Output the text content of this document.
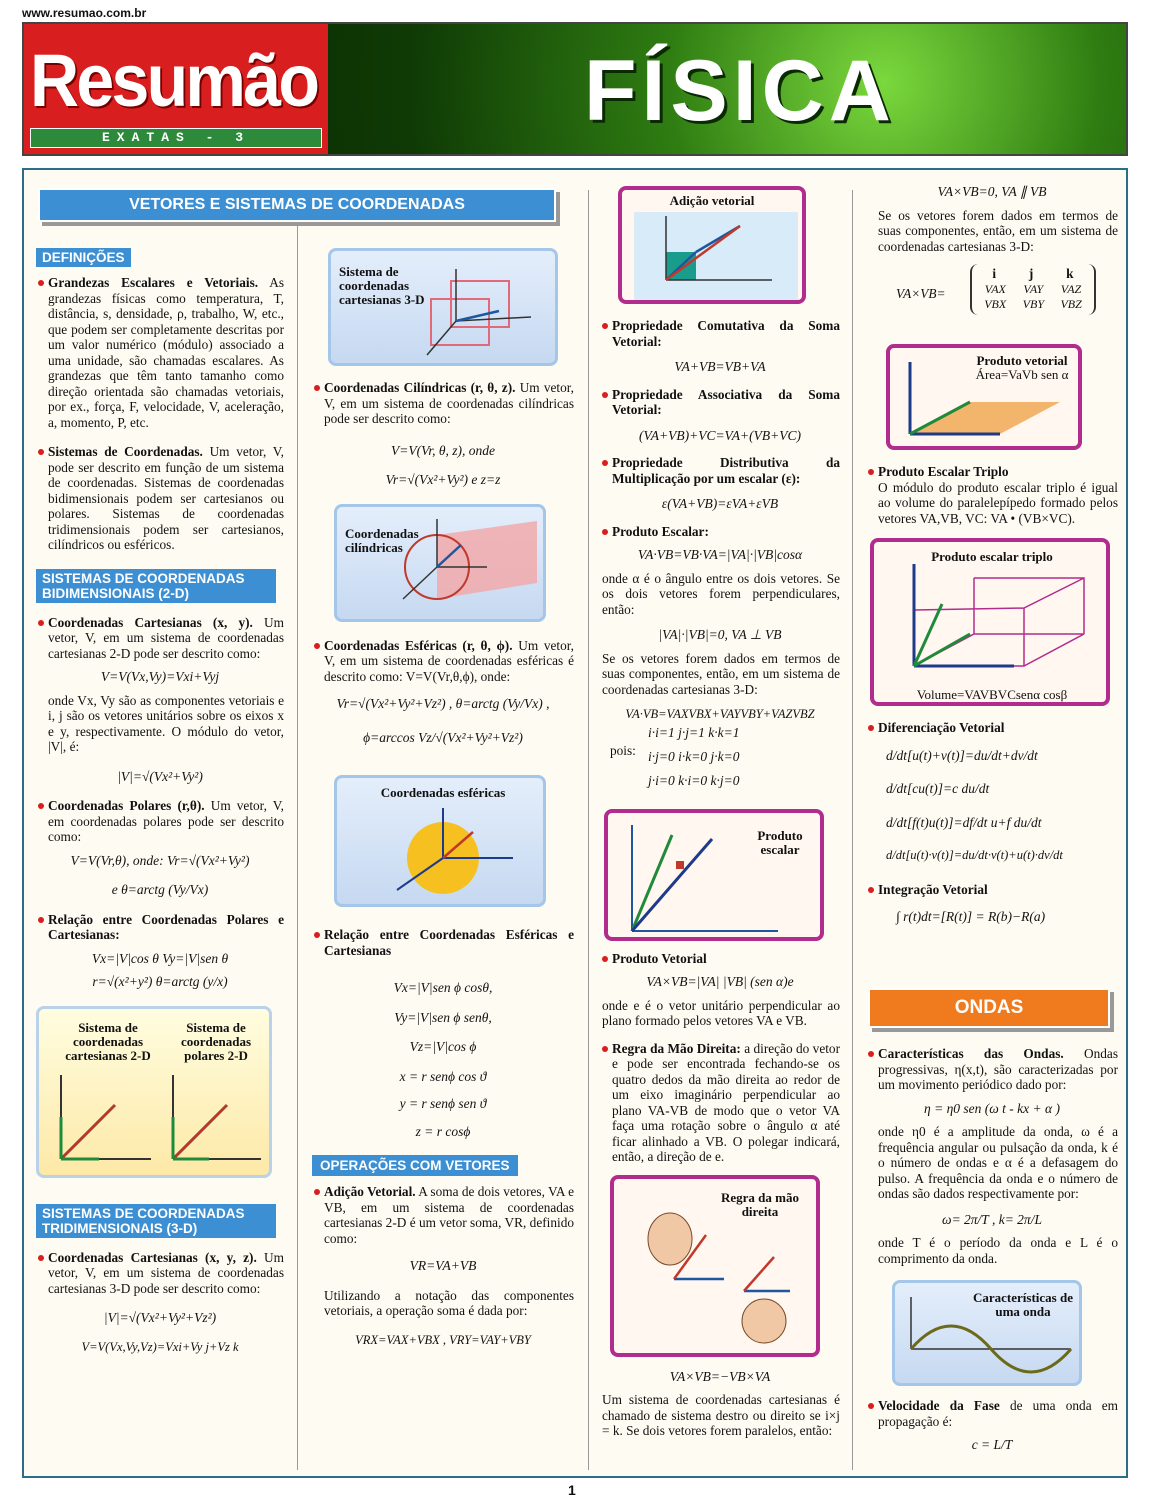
www.resumao.com.br
Resumão
EXATAS - 3	FÍSICA
VETORES E SISTEMAS DE COORDENADAS
DEFINIÇÕES
Grandezas Escalares e Vetoriais. As grandezas físicas como temperatura, T, distância, s, densidade, ρ, trabalho, W, etc., que podem ser completamente descritas por um valor numérico (módulo) associado a uma unidade, são chamadas escalares. As grandezas que têm tanto tamanho como direção orientada são chamadas vetoriais, por ex., força, F, velocidade, V, aceleração, a, momento, P, etc.
Sistemas de Coordenadas. Um vetor, V, pode ser descrito em função de um sistema de coordenadas. Sistemas de coordenadas bidimensionais podem ser cartesianos ou polares. Sistemas de coordenadas tridimensionais podem ser cartesianos, cilíndricos ou esféricos.
SISTEMAS DE COORDENADAS BIDIMENSIONAIS (2-D)
Coordenadas Cartesianas (x, y). Um vetor, V, em um sistema de coordenadas cartesianas 2-D pode ser descrito como:
V=V(Vx,Vy)=Vxi+Vyj
onde Vx, Vy são as componentes vetoriais e i, j são os vetores unitários sobre os eixos x e y, respectivamente. O módulo do vetor, |V|, é:
|V|=√(Vx²+Vy²)
Coordenadas Polares (r,θ). Um vetor, V, em coordenadas polares pode ser descrito como:
V=V(Vr,θ), onde: Vr=√(Vx²+Vy²)
e θ=arctg (Vy/Vx)
Relação entre Coordenadas Polares e Cartesianas:
Vx=|V|cos θ Vy=|V|sen θ
r=√(x²+y²) θ=arctg (y/x)
Sistema de coordenadas cartesianas 2-D
Sistema de coordenadas polares 2-D
SISTEMAS DE COORDENADAS TRIDIMENSIONAIS (3-D)
Coordenadas Cartesianas (x, y, z). Um vetor, V, em um sistema de coordenadas cartesianas 3-D pode ser descrito como:
|V|=√(Vx²+Vy²+Vz²)
V=V(Vx,Vy,Vz)=Vxi+Vy j+Vz k
Sistema de coordenadas cartesianas 3-D
Coordenadas Cilíndricas (r, θ, z). Um vetor, V, em um sistema de coordenadas cilíndricas pode ser descrito como:
V=V(Vr, θ, z), onde
Vr=√(Vx²+Vy²) e z=z
Coordenadas cilíndricas
Coordenadas Esféricas (r, θ, ϕ). Um vetor, V, em um sistema de coordenadas esféricas é descrito como: V=V(Vr,θ,ϕ), onde:
Vr=√(Vx²+Vy²+Vz²) , θ=arctg (Vy/Vx) ,
ϕ=arccos Vz/√(Vx²+Vy²+Vz²)
Coordenadas esféricas
Relação entre Coordenadas Esféricas e Cartesianas
Vx=|V|sen ϕ cosθ,
Vy=|V|sen ϕ senθ,
Vz=|V|cos ϕ
x = r senϕ cos ϑ
y = r senϕ sen ϑ
z = r cosϕ
OPERAÇÕES COM VETORES
Adição Vetorial. A soma de dois vetores, VA e VB, em um sistema de coordenadas cartesianas 2-D é um vetor soma, VR, definido como:
VR=VA+VB
Utilizando a notação das componentes vetoriais, a operação soma é dada por:
VRX=VAX+VBX , VRY=VAY+VBY
Adição vetorial
Propriedade Comutativa da Soma Vetorial:
VA+VB=VB+VA
Propriedade Associativa da Soma Vetorial:
(VA+VB)+VC=VA+(VB+VC)
Propriedade Distributiva da Multiplicação por um escalar (ε):
ε(VA+VB)=εVA+εVB
Produto Escalar:
VA·VB=VB·VA=|VA|·|VB|cosα
onde α é o ângulo entre os dois vetores. Se os dois vetores forem perpendiculares, então:
|VA|·|VB|=0, VA ⊥ VB
Se os vetores forem dados em termos de suas componentes, então, em um sistema de coordenadas cartesianas 3-D:
VA·VB=VAXVBX+VAYVBY+VAZVBZ
pois:
i·i=1 j·j=1 k·k=1
i·j=0 i·k=0 j·k=0
j·i=0 k·i=0 k·j=0
Produto escalar
Produto Vetorial
VA×VB=|VA| |VB| (sen α)e
onde e é o vetor unitário perpendicular ao plano formado pelos vetores VA e VB.
Regra da Mão Direita: a direção do vetor e pode ser encontrada fechando-se os quatro dedos da mão direita ao redor de um eixo imaginário perpendicular ao plano VA-VB de modo que o vetor VA faça uma rotação sobre o ângulo α até ficar alinhado a VB. O polegar indicará, então, a direção de e.
Regra da mão direita
VA×VB=−VB×VA
Um sistema de coordenadas cartesianas é chamado de sistema destro ou direito se i×j = k. Se dois vetores forem paralelos, então:
VA×VB=0, VA ∥ VB
Se os vetores forem dados em termos de suas componentes, então, em um sistema de coordenadas cartesianas 3-D:
VA×VB=
i j k
VAX VAY VAZ
VBX VBY VBZ
Produto vetorial
Área=VaVb sen α
Produto Escalar Triplo
O módulo do produto escalar triplo é igual ao volume do paralelepípedo formado pelos vetores VA,VB, VC: VA • (VB×VC).
Produto escalar triplo
Volume=VAVBVCsenα cosβ
Diferenciação Vetorial
d/dt[u(t)+v(t)]=du/dt+dv/dt
d/dt[cu(t)]=c du/dt
d/dt[f(t)u(t)]=df/dt u+f du/dt
d/dt[u(t)·v(t)]=du/dt·v(t)+u(t)·dv/dt
Integração Vetorial
∫ r(t)dt=[R(t)] = R(b)−R(a)
ONDAS
Características das Ondas. Ondas progressivas, η(x,t), são caracterizadas por um movimento periódico dado por:
η = η0 sen (ω t - kx + α )
onde η0 é a amplitude da onda, ω é a frequência angular ou pulsação da onda, k é o número de ondas e α é a defasagem do pulso. A frequência da onda e o número de ondas são dados respectivamente por:
ω= 2π/T , k= 2π/L
onde T é o período da onda e L é o comprimento da onda.
Características de uma onda
Velocidade da Fase de uma onda em propagação é:
c = L/T
1
